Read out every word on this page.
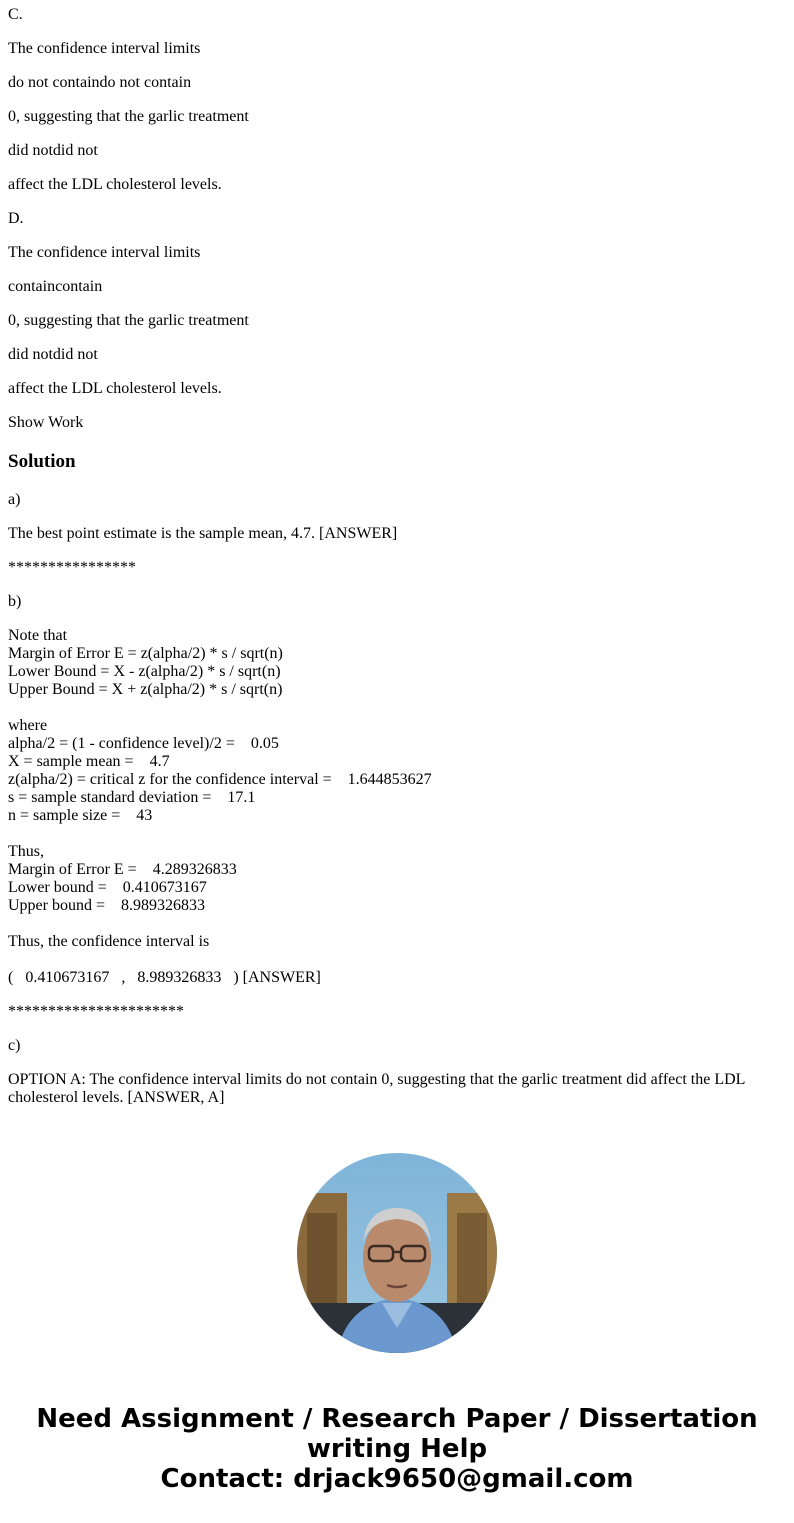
C.

The confidence interval limits

do not containdo not contain

0, suggesting that the garlic treatment

did notdid not

affect the LDL cholesterol levels.

D.

The confidence interval limits

containcontain

0, suggesting that the garlic treatment

did notdid not

affect the LDL cholesterol levels.

Show Work

Solution

a)

The best point estimate is the sample mean, 4.7. [ANSWER]

****************

b)

Note that

Margin of Error E = z(alpha/2) * s / sqrt(n)

Lower Bound = X - z(alpha/2) * s / sqrt(n)

Upper Bound = X + z(alpha/2) * s / sqrt(n)

where

alpha/2 = (1 - confidence level)/2 =    0.05

X = sample mean =    4.7

z(alpha/2) = critical z for the confidence interval =    1.644853627

s = sample standard deviation =    17.1

n = sample size =    43

Thus,

Margin of Error E =    4.289326833

Lower bound =    0.410673167

Upper bound =    8.989326833

Thus, the confidence interval is

(   0.410673167   ,   8.989326833   ) [ANSWER]

**********************

c)

OPTION A: The confidence interval limits do not contain 0, suggesting that the garlic treatment did affect the LDL cholesterol levels. [ANSWER, A]

Need Assignment / Research Paper / Dissertation
writing Help
Contact: drjack9650@gmail.com
